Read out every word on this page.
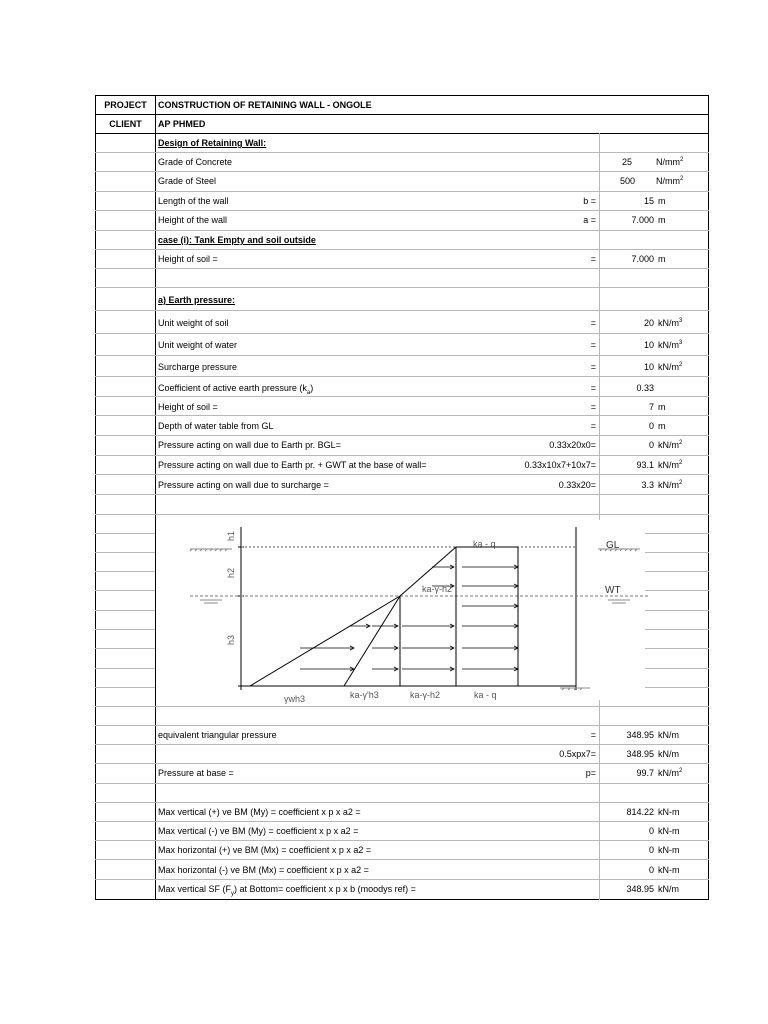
PROJECT	CONSTRUCTION OF RETAINING WALL - ONGOLE
CLIENT	AP PHMED
Design of Retaining Wall:
Grade of Concrete	25	$N/mm^2$
Grade of Steel	500 $N/mm^2$
Length of the wall	b =	15 m
Height of the wall	a =	7.000 m
case (i): Tank Empty and soil outside
Height of soil =	=	7.000 m
a) Earth pressure:
Unit weight of soil	=	20 $kN/m^3$
Unit weight of water	=	10 $kN/m^3$
Surcharge pressure	=	10 $kN/m^2$
Coefficient of active earth pressure $(k_a)$	=	0.33
Height of soil =	=	7 m
Depth of water table from GL	=	0 m
Pressure acting on wall due to Earth pr. BGL=	0.33x20x0=	0 $kN/m^2$
Pressure acting on wall due to Earth pr. + GWT at the base of wall=	0.33x10x7+10x7=	93.1 $kN/m^2$
Pressure acting on wall due to surcharge =	0.33x20=	3.3 $kN/m^2$
equivalent triangular pressure	=	348.95 kN/m
0.5xpx7=	348.95 kN/m
Pressure at base =	p=	99.7 $kN/m^2$
Max vertical (+) ve BM (My) = coefficient x p x a2 =	814.22 kN-m
Max vertical (-) ve BM (My) = coefficient x p x a2 =	0 kN-m
Max horizontal (+) ve BM (Mx) = coefficient x p x a2 =	0 kN-m
Max horizontal (-) ve BM (Mx) = coefficient x p x a2 =	0 kN-m
Max vertical SF $(F_y)$ at Bottom= coefficient x p x b (moodys ref) =	348.95 kN/m
h1
h2
h3
GL
WT
ka - q
ka-γ-h2
γwh3	ka-γ'h3	ka-γ-h2	ka - q
